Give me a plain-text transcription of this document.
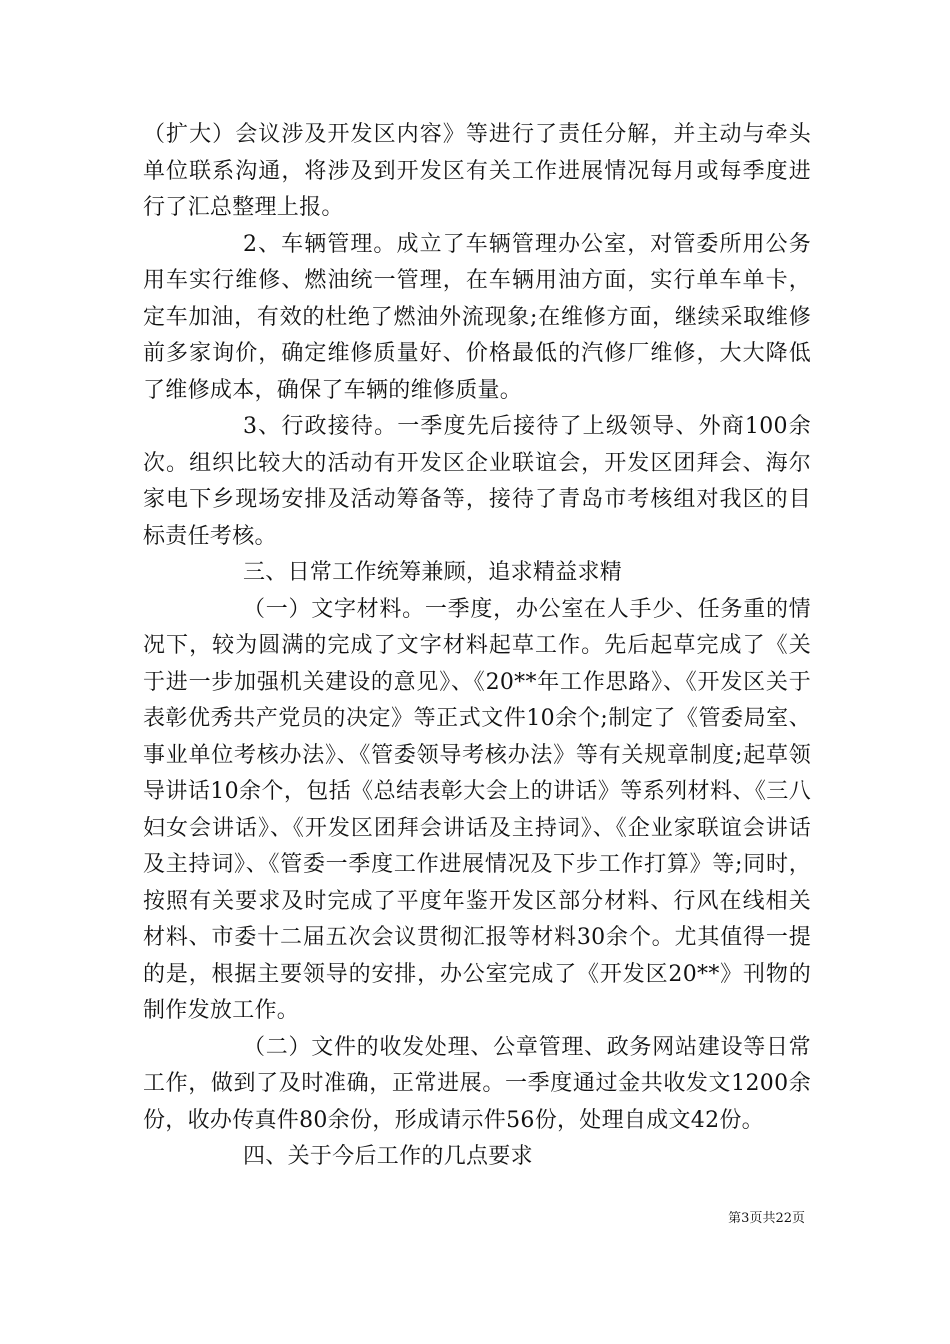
（扩大）会议涉及开发区内容》等进行了责任分解，并主动与牵头单位联系沟通，将涉及到开发区有关工作进展情况每月或每季度进行了汇总整理上报。

2、车辆管理。成立了车辆管理办公室，对管委所用公务用车实行维修、燃油统一管理，在车辆用油方面，实行单车单卡，定车加油，有效的杜绝了燃油外流现象;在维修方面，继续采取维修前多家询价，确定维修质量好、价格最低的汽修厂维修，大大降低了维修成本，确保了车辆的维修质量。

3、行政接待。一季度先后接待了上级领导、外商100余次。组织比较大的活动有开发区企业联谊会，开发区团拜会、海尔家电下乡现场安排及活动筹备等，接待了青岛市考核组对我区的目标责任考核。

三、日常工作统筹兼顾，追求精益求精

（一）文字材料。一季度，办公室在人手少、任务重的情况下，较为圆满的完成了文字材料起草工作。先后起草完成了《关于进一步加强机关建设的意见》、《20**年工作思路》、《开发区关于表彰优秀共产党员的决定》等正式文件10余个;制定了《管委局室、事业单位考核办法》、《管委领导考核办法》等有关规章制度;起草领导讲话10余个，包括《总结表彰大会上的讲话》等系列材料、《三八妇女会讲话》、《开发区团拜会讲话及主持词》、《企业家联谊会讲话及主持词》、《管委一季度工作进展情况及下步工作打算》等;同时，按照有关要求及时完成了平度年鉴开发区部分材料、行风在线相关材料、市委十二届五次会议贯彻汇报等材料30余个。尤其值得一提的是，根据主要领导的安排，办公室完成了《开发区20**》刊物的制作发放工作。

（二）文件的收发处理、公章管理、政务网站建设等日常工作，做到了及时准确，正常进展。一季度通过金共收发文1200余份，收办传真件80余份，形成请示件56份，处理自成文42份。

四、关于今后工作的几点要求

第3页共22页
